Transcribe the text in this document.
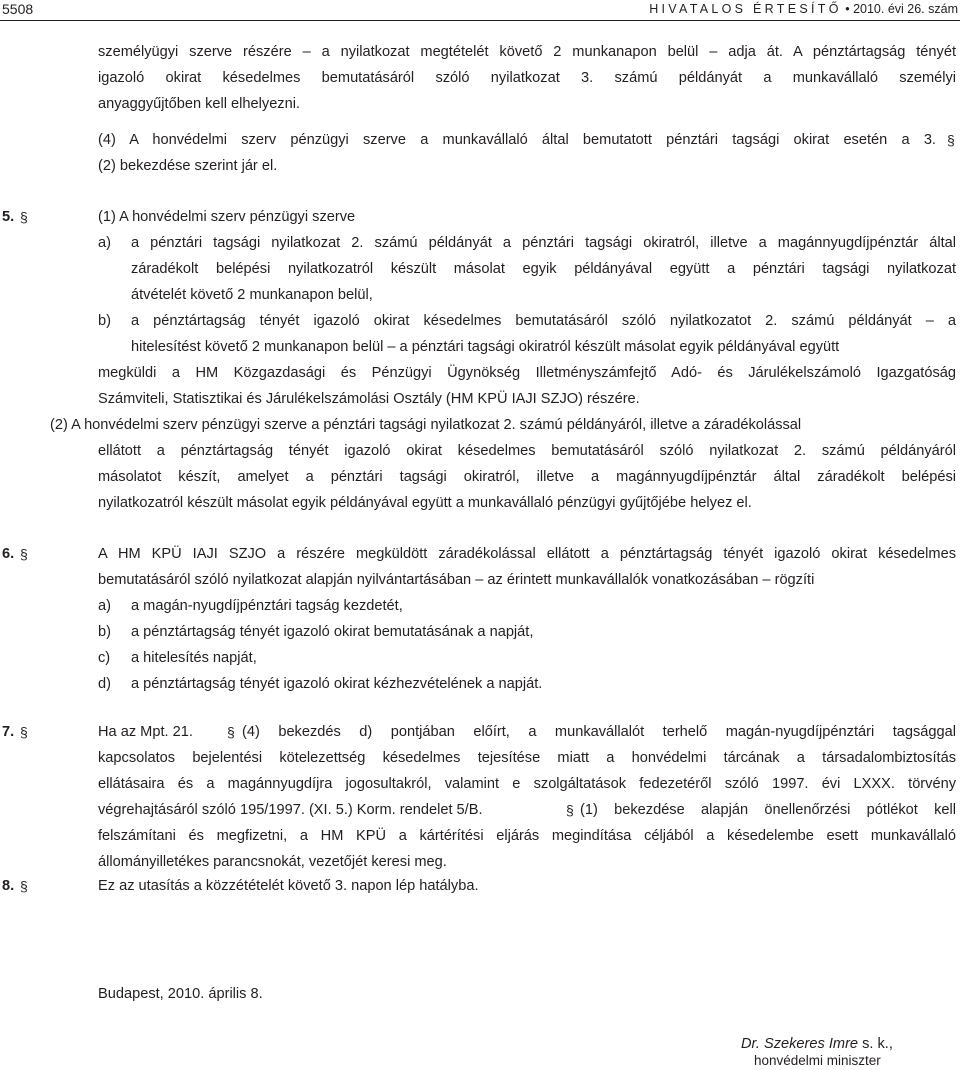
5508	HIVATALOS ÉRTESÍTŐ • 2010. évi 26. szám
személyügyi szerve részére – a nyilatkozat megtételét követő 2 munkanapon belül – adja át. A pénztártagság tényét
igazoló okirat késedelmes bemutatásáról szóló nyilatkozat 3. számú példányát a munkavállaló személyi
anyaggyűjtőben kell elhelyezni.
(4) A honvédelmi szerv pénzügyi szerve a munkavállaló által bemutatott pénztári tagsági okirat esetén a 3. §
(2) bekezdése szerint jár el.
5. §	(1) A honvédelmi szerv pénzügyi szerve
a) a pénztári tagsági nyilatkozat 2. számú példányát a pénztári tagsági okiratról, illetve a magánnyugdíjpénztár által
záradékolt belépési nyilatkozatról készült másolat egyik példányával együtt a pénztári tagsági nyilatkozat
átvételét követő 2 munkanapon belül,
b) a pénztártagság tényét igazoló okirat késedelmes bemutatásáról szóló nyilatkozatot 2. számú példányát – a
hitelesítést követő 2 munkanapon belül – a pénztári tagsági okiratról készült másolat egyik példányával együtt
megküldi a HM Közgazdasági és Pénzügyi Ügynökség Illetményszámfejtő Adó- és Járulékelszámoló Igazgatóság
Számviteli, Statisztikai és Járulékelszámolási Osztály (HM KPÜ IAJI SZJO) részére.
(2) A honvédelmi szerv pénzügyi szerve a pénztári tagsági nyilatkozat 2. számú példányáról, illetve a záradékolással
ellátott a pénztártagság tényét igazoló okirat késedelmes bemutatásáról szóló nyilatkozat 2. számú példányáról
másolatot készít, amelyet a pénztári tagsági okiratról, illetve a magánnyugdíjpénztár által záradékolt belépési
nyilatkozatról készült másolat egyik példányával együtt a munkavállaló pénzügyi gyűjtőjébe helyez el.
6. §	A HM KPÜ IAJI SZJO a részére megküldött záradékolással ellátott a pénztártagság tényét igazoló okirat késedelmes
bemutatásáról szóló nyilatkozat alapján nyilvántartásában – az érintett munkavállalók vonatkozásában – rögzíti
a) a magán-nyugdíjpénztári tagság kezdetét,
b) a pénztártagság tényét igazoló okirat bemutatásának a napját,
c) a hitelesítés napját,
d) a pénztártagság tényét igazoló okirat kézhezvételének a napját.
7. §	Ha az Mpt. 21. § (4) bekezdés d) pontjában előírt, a munkavállalót terhelő magán-nyugdíjpénztári tagsággal
kapcsolatos bejelentési kötelezettség késedelmes tejesítése miatt a honvédelmi tárcának a társadalombiztosítás
ellátásaira és a magánnyugdíjra jogosultakról, valamint e szolgáltatások fedezetéről szóló 1997. évi LXXX. törvény
végrehajtásáról szóló 195/1997. (XI. 5.) Korm. rendelet 5/B.	§ (1) bekezdése alapján önellenőrzési pótlékot kell
felszámítani és megfizetni, a HM KPÜ a kártérítési eljárás megindítása céljából a késedelembe esett munkavállaló
állományilletékes parancsnokát, vezetőjét keresi meg.
8. §	Ez az utasítás a közzétételét követő 3. napon lép hatályba.
Budapest, 2010. április 8.
Dr. Szekeres Imre s. k.,
honvédelmi miniszter
